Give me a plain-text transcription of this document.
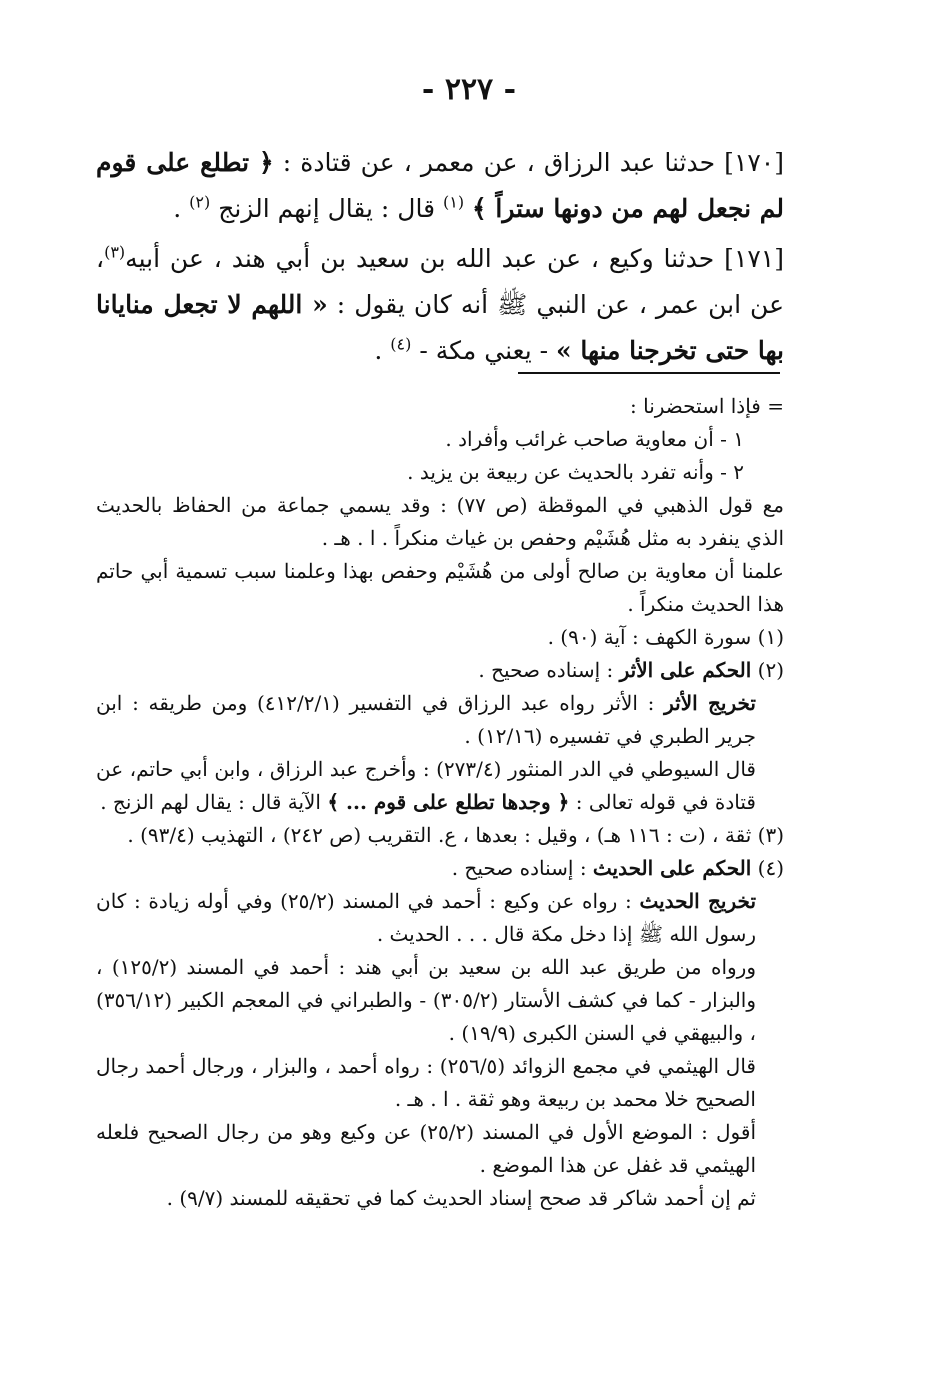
- ٢٢٧ -

[١٧٠] حدثنا عبد الرزاق ، عن معمر ، عن قتادة : ﴿ تطلع على قوم لم نجعل لهم من دونها ستراً ﴾ $^{(١)}$ قال : يقال إنهم الزنج $^{(٢)}$ .

[١٧١] حدثنا وكيع ، عن عبد الله بن سعيد بن أبي هند ، عن أبيه$^{(٣)}$، عن ابن عمر ، عن النبي ﷺ أنه كان يقول : « اللهم لا تجعل منايانا بها حتى تخرجنا منها » - يعني مكة - $^{(٤)}$ .

= فإذا استحضرنا :

١ - أن معاوية صاحب غرائب وأفراد .

٢ - وأنه تفرد بالحديث عن ربيعة بن يزيد .

مع قول الذهبي في الموقظة (ص ٧٧) : وقد يسمي جماعة من الحفاظ بالحديث الذي ينفرد به مثل هُشَيْم وحفص بن غياث منكراً . ا . هـ .

علمنا أن معاوية بن صالح أولى من هُشَيْم وحفص بهذا وعلمنا سبب تسمية أبي حاتم هذا الحديث منكراً .

(١) سورة الكهف : آية (٩٠) .

(٢) الحكم على الأثر : إسناده صحيح .

تخريج الأثر : الأثر رواه عبد الرزاق في التفسير (٤١٢/٢/١) ومن طريقه : ابن جرير الطبري في تفسيره (١٢/١٦) .

قال السيوطي في الدر المنثور (٢٧٣/٤) : وأخرج عبد الرزاق ، وابن أبي حاتم، عن قتادة في قوله تعالى : ﴿ وجدها تطلع على قوم ... ﴾ الآية قال : يقال لهم الزنج .

(٣) ثقة ، (ت : ١١٦ هـ) ، وقيل : بعدها ، ع. التقريب (ص ٢٤٢) ، التهذيب (٩٣/٤) .

(٤) الحكم على الحديث : إسناده صحيح .

تخريج الحديث : رواه عن وكيع : أحمد في المسند (٢٥/٢) وفي أوله زيادة : كان رسول الله ﷺ إذا دخل مكة قال . . . الحديث .

ورواه من طريق عبد الله بن سعيد بن أبي هند : أحمد في المسند (١٢٥/٢) ، والبزار - كما في كشف الأستار (٣٠٥/٢) - والطبراني في المعجم الكبير (٣٥٦/١٢) ، والبيهقي في السنن الكبرى (١٩/٩) .

قال الهيثمي في مجمع الزوائد (٢٥٦/٥) : رواه أحمد ، والبزار ، ورجال أحمد رجال الصحيح خلا محمد بن ربيعة وهو ثقة . ا . هـ .

أقول : الموضع الأول في المسند (٢٥/٢) عن وكيع وهو من رجال الصحيح فلعله الهيثمي قد غفل عن هذا الموضع .

ثم إن أحمد شاكر قد صحح إسناد الحديث كما في تحقيقه للمسند (٩/٧) .
